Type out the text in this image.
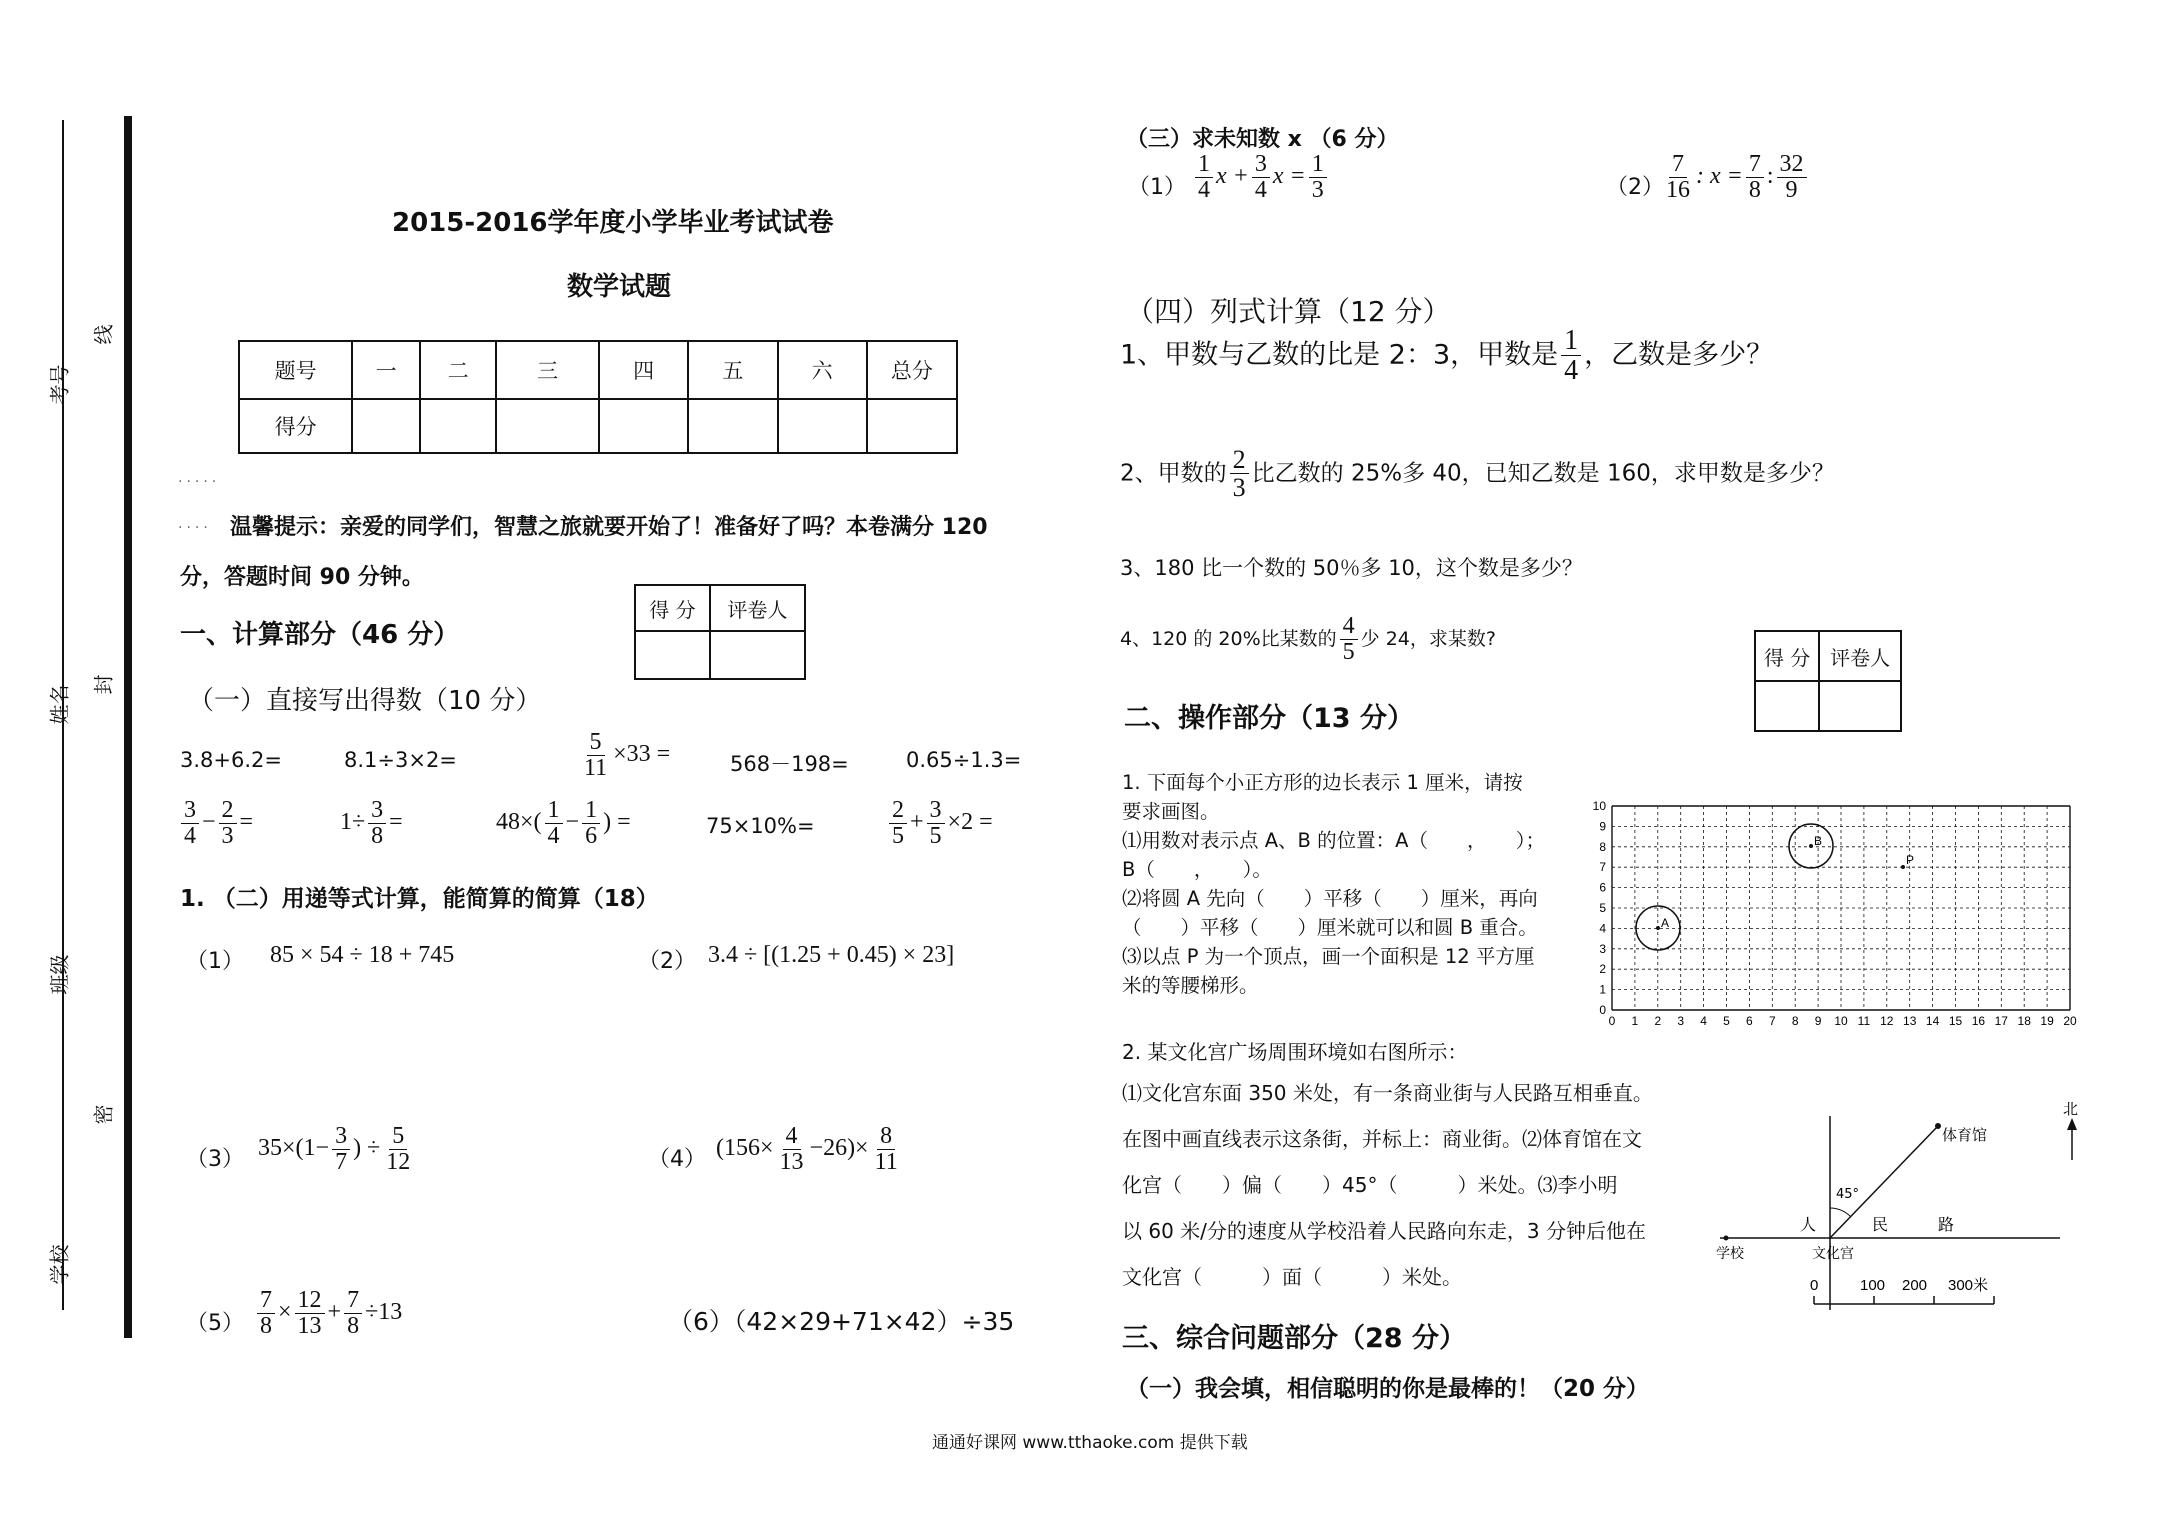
考号
姓名
班级
学校
线
封
密
2015-2016学年度小学毕业考试试卷
数学试题
题号	一	二	三	四	五	六	总分
得分							
.....
.... 温馨提示：亲爱的同学们，智慧之旅就要开始了！准备好了吗？本卷满分 120
分，答题时间 90 分钟。
得 分	评卷人

一、计算部分（46 分）
（一）直接写出得数（10 分）
3.8+6.2=	8.1÷3×2=	$\frac{5}{11} \times 33$ =	568－198=	0.65÷1.3=
$\frac{3}{4} - \frac{2}{3}$ =	$1\div \frac{3}{8}$ =	$48\times( \frac{1}{4} - \frac{1}{6}$ ) =	75×10%=	$\frac{2}{5} + \frac{3}{5} \times 2$ =
1. （二）用递等式计算，能简算的简算（18）
（1） 85 × 54 ÷ 18 + 745	（2） 3.4 ÷ [(1.25 + 0.45) × 23]
（3） $35\times(1- \frac{3}{7}$ ) ÷ $\frac{5}{12}$	（4） $(156\times \frac{4}{13} -26)\times \frac{8}{11}$
$(5) \frac{7}{8} \times \frac{12}{13} + \frac{7}{8} \div 13$	（6）（42×29+71×42）÷35
（三）求未知数 x （6 分）
$(1) \frac{1}{4}$ $x + \frac{3}{4}$ $x = \frac{1}{3}$	$(2) \frac{7}{16}$ : $x = \frac{7}{8}$ : $\frac{32}{9}$
（四）列式计算（12 分）
1、甲数与乙数的比是 2：3，甲数是 $\frac{1}{4}$ ，乙数是多少？
2、甲数的 $\frac{2}{3}$ 比乙数的 25%多 40，已知乙数是 160，求甲数是多少？
3、180 比一个数的 50％多 10，这个数是多少？
4、120 的 20%比某数的 $\frac{4}{5}$ 少 24，求某数?
得 分	评卷人

二、操作部分（13 分）
1. 下面每个小正方形的边长表示 1 厘米，请按
要求画图。
⑴用数对表示点 A、B 的位置：A（　　，　　）；
B（　　，　　）。
⑵将圆 A 先向（　　）平移（　　）厘米，再向
（　　）平移（　　）厘米就可以和圆 B 重合。
⑶以点 P 为一个顶点，画一个面积是 12 平方厘
米的等腰梯形。
0 1 2 3 4 5 6 7 8 9 10 11 12 13 14 15 16 17 18 19 20
0
1
2
3
4
5
6
7
8
9
10
A
B
P
2. 某文化宫广场周围环境如右图所示：
⑴文化宫东面 350 米处，有一条商业街与人民路互相垂直。
在图中画直线表示这条街，并标上：商业街。⑵体育馆在文
化宫（　　）偏（　　）45°（　　　）米处。⑶李小明
以 60 米/分的速度从学校沿着人民路向东走，3 分钟后他在
文化宫（　　　）面（　　　）米处。
北
体育馆
45°
人	民	路
学校	文化宫
0	100 200 300米
三、综合问题部分（28 分）
（一）我会填，相信聪明的你是最棒的！（20 分）
通通好课网 www.tthaoke.com 提供下载
